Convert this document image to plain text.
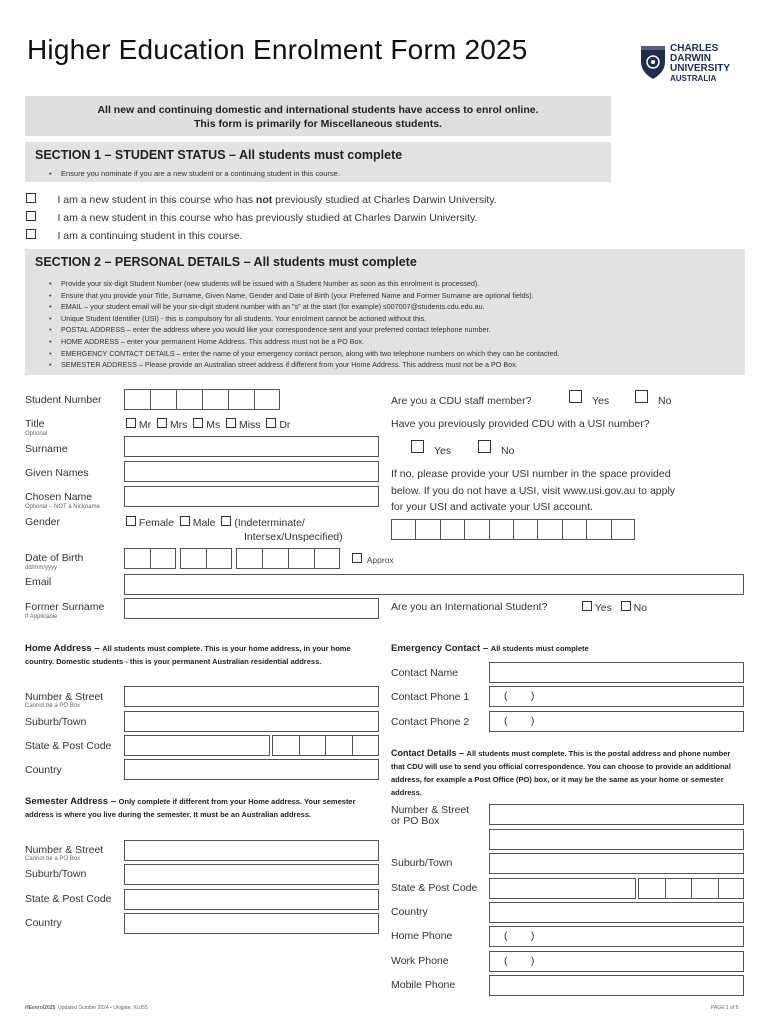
Higher Education Enrolment Form 2025	CHARLES
DARWIN
UNIVERSITY
AUSTRALIA
All new and continuing domestic and international students have access to enrol online.
This form is primarily for Miscellaneous students.
SECTION 1 – STUDENT STATUS – All students must complete
• Ensure you nominate if you are a new student or a continuing student in this course.
I am a new student in this course who has not previously studied at Charles Darwin University.
I am a new student in this course who has previously studied at Charles Darwin University.
I am a continuing student in this course.
SECTION 2 – PERSONAL DETAILS – All students must complete
• Provide your six-digit Student Number (new students will be issued with a Student Number as soon as this enrolment is processed).
• Ensure that you provide your Title, Surname, Given Name, Gender and Date of Birth (your Preferred Name and Former Surname are optional fields).
• EMAIL – your student email will be your six-digit student number with an "s" at the start (for example) s007007@students.cdu.edu.au.
• Unique Student Identifier (USI) - this is compulsory for all students. Your enrolment cannot be actioned without this.
• POSTAL ADDRESS – enter the address where you would like your correspondence sent and your preferred contact telephone number.
• HOME ADDRESS – enter your permanent Home Address. This address must not be a PO Box.
• EMERGENCY CONTACT DETAILS – enter the name of your emergency contact person, along with two telephone numbers on which they can be contacted.
• SEMESTER ADDRESS – Please provide an Australian street address if different from your Home Address. This address must not be a PO Box.
Student Number
Title
Optional
Mr Mrs Ms Miss Dr
Surname
Given Names
Chosen Name
Optional – NOT a Nickname
Gender	Female Male (Indeterminate/
Intersex/Unspecified)
Date of Birth
dd/mm/yyyy
Approx
Email
Former Surname
If Applicable
Are you a CDU staff member?	Yes	No
Have you previously provided CDU with a USI number?
Yes	No
If no, please provide your USI number in the space provided
below. If you do not have a USI, visit www.usi.gov.au to apply
for your USI and activate your USI account.
Are you an International Student?	Yes No
Home Address – All students must complete. This is your home address, in your home country. Domestic students - this is your permanent Australian residential address.
Number & Street
Cannot be a PO Box
Suburb/Town
State & Post Code
Country
Semester Address – Only complete if different from your Home address. Your semester address is where you live during the semester. It must be an Australian address.
Number & Street
Cannot be a PO Box
Suburb/Town
State & Post Code
Country
Emergency Contact – All students must complete
Contact Name
Contact Phone 1	(        )
Contact Phone 2	(        )
Contact Details – All students must complete. This is the postal address and phone number that CDU will use to send you official correspondence. You can choose to provide an additional address, for example a Post Office (PO) box, or it may be the same as your home or semester address.
Number & Street
or PO Box
Suburb/Town
State & Post Code
Country
Home Phone	(        )
Work Phone	(        )
Mobile Phone
HEenrol2025 Updated October 2024 • Unigate: XL055	PAGE 1 of 6
